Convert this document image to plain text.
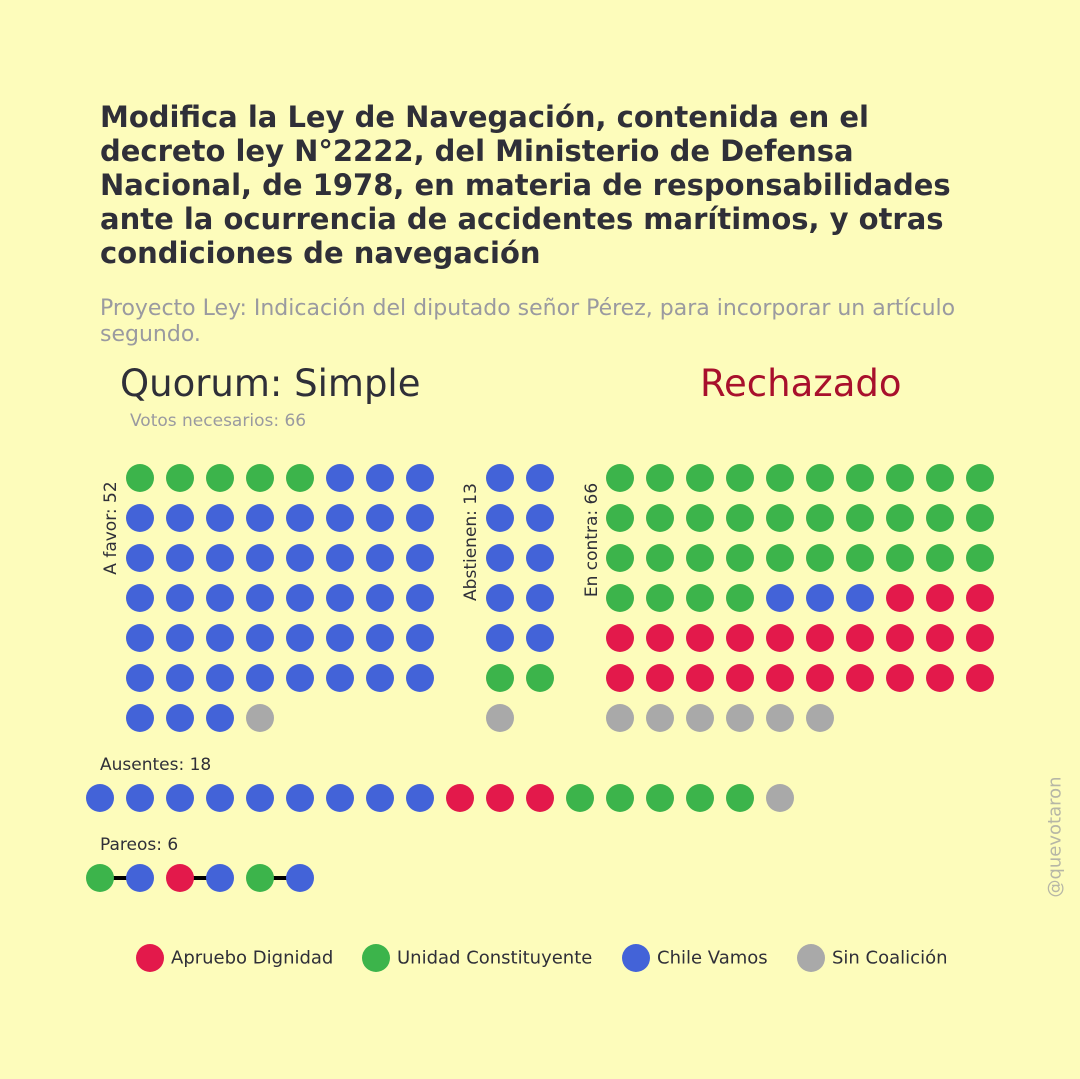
Modifica la Ley de Navegación, contenida en el decreto ley N°2222, del Ministerio de Defensa Nacional, de 1978, en materia de responsabilidades ante la ocurrencia de accidentes marítimos, y otras condiciones de navegación

Proyecto Ley: Indicación del diputado señor Pérez, para incorporar un artículo segundo.

Quorum: Simple
Votos necesarios: 66
Rechazado
@quevotaron
A favor: 52	Abstienen: 13	En contra: 66
Ausentes: 18
Pareos: 6
Apruebo Dignidad	Unidad Constituyente	Chile Vamos	Sin Coalición
